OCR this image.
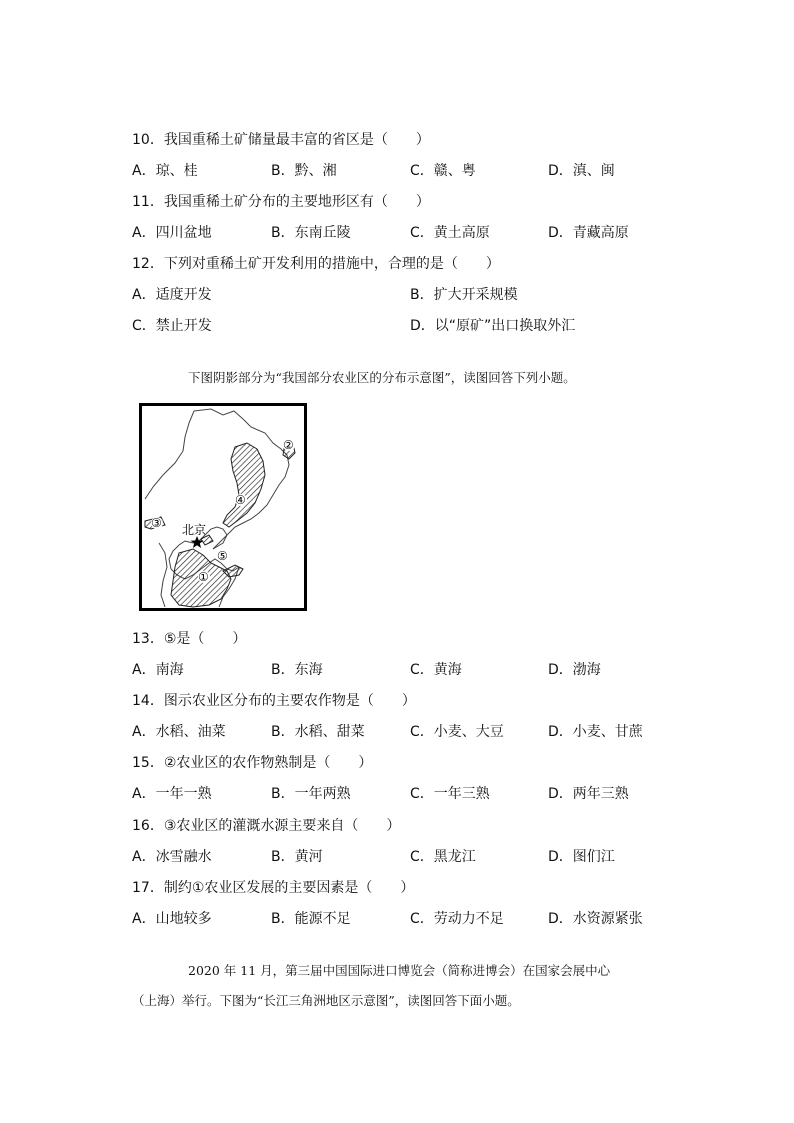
10．我国重稀土矿储量最丰富的省区是（　　）
A．琼、桂	B．黔、湘	C．赣、粤	D．滇、闽
11．我国重稀土矿分布的主要地形区有（　　）
A．四川盆地	B．东南丘陵	C．黄土高原	D．青藏高原
12．下列对重稀土矿开发利用的措施中，合理的是（　　）
A．适度开发	B．扩大开采规模
C．禁止开发	D．以“原矿”出口换取外汇
下图阴影部分为“我国部分农业区的分布示意图”，读图回答下列小题。
北京
①
②
③
④
⑤
13．⑤是（　　）
A．南海	B．东海	C．黄海	D．渤海
14．图示农业区分布的主要农作物是（　　）
A．水稻、油菜	B．水稻、甜菜	C．小麦、大豆	D．小麦、甘蔗
15．②农业区的农作物熟制是（　　）
A．一年一熟	B．一年两熟	C．一年三熟	D．两年三熟
16．③农业区的灌溉水源主要来自（　　）
A．冰雪融水	B．黄河	C．黑龙江	D．图们江
17．制约①农业区发展的主要因素是（　　）
A．山地较多	B．能源不足	C．劳动力不足	D．水资源紧张
2020 年 11 月，第三届中国国际进口博览会（简称进博会）在国家会展中心
（上海）举行。下图为“长江三角洲地区示意图”，读图回答下面小题。
